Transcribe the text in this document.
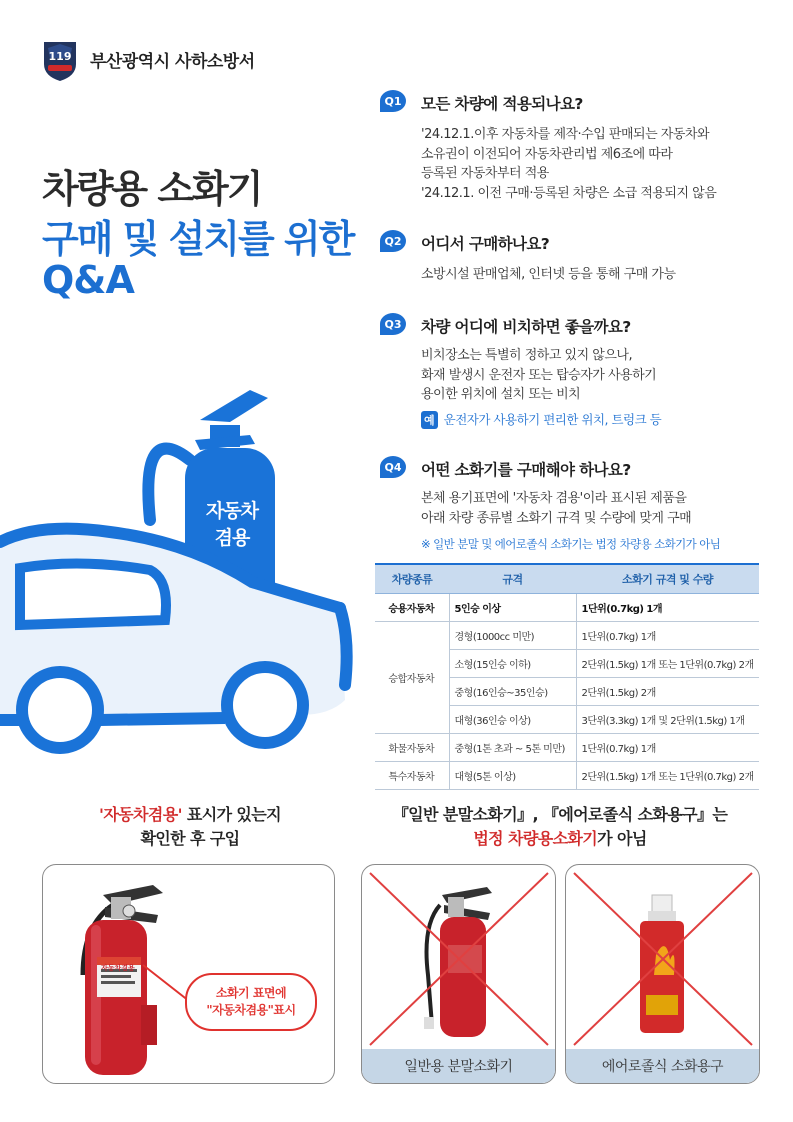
119 부산광역시 사하소방서
차량용 소화기
구매 및 설치를 위한
Q&A
자동차
겸용
Q1 모든 차량에 적용되나요?
'24.12.1.이후 자동차를 제작·수입 판매되는 자동차와
소유권이 이전되어 자동차관리법 제6조에 따라
등록된 자동차부터 적용
'24.12.1. 이전 구매·등록된 차량은 소급 적용되지 않음
Q2 어디서 구매하나요?
소방시설 판매업체, 인터넷 등을 통해 구매 가능
Q3 차량 어디에 비치하면 좋을까요?
비치장소는 특별히 정하고 있지 않으나,
화재 발생시 운전자 또는 탑승자가 사용하기
용이한 위치에 설치 또는 비치
예 운전자가 사용하기 편리한 위치, 트렁크 등
Q4 어떤 소화기를 구매해야 하나요?
본체 용기표면에 '자동차 겸용'이라 표시된 제품을
아래 차량 종류별 소화기 규격 및 수량에 맞게 구매
※ 일반 분말 및 에어로졸식 소화기는 법정 차량용 소화기가 아님
차량종류	규격	소화기 규격 및 수량
승용자동차	5인승 이상	1단위(0.7kg) 1개
승합자동차	경형(1000cc 미만)	1단위(0.7kg) 1개
	소형(15인승 이하)	2단위(1.5kg) 1개 또는 1단위(0.7kg) 2개
	중형(16인승~35인승)	2단위(1.5kg) 2개
	대형(36인승 이상)	3단위(3.3kg) 1개 및 2단위(1.5kg) 1개
화물자동차	중형(1톤 초과 ~ 5톤 미만)	1단위(0.7kg) 1개
특수자동차	대형(5톤 이상)	2단위(1.5kg) 1개 또는 1단위(0.7kg) 2개
'자동차겸용' 표시가 있는지
확인한 후 구입
『일반 분말소화기』, 『에어로졸식 소화용구』는
법정 차량용소화기가 아님
자동차겸용
소화기 표면에
"자동차겸용"표시
일반용 분말소화기	에어로졸식 소화용구
